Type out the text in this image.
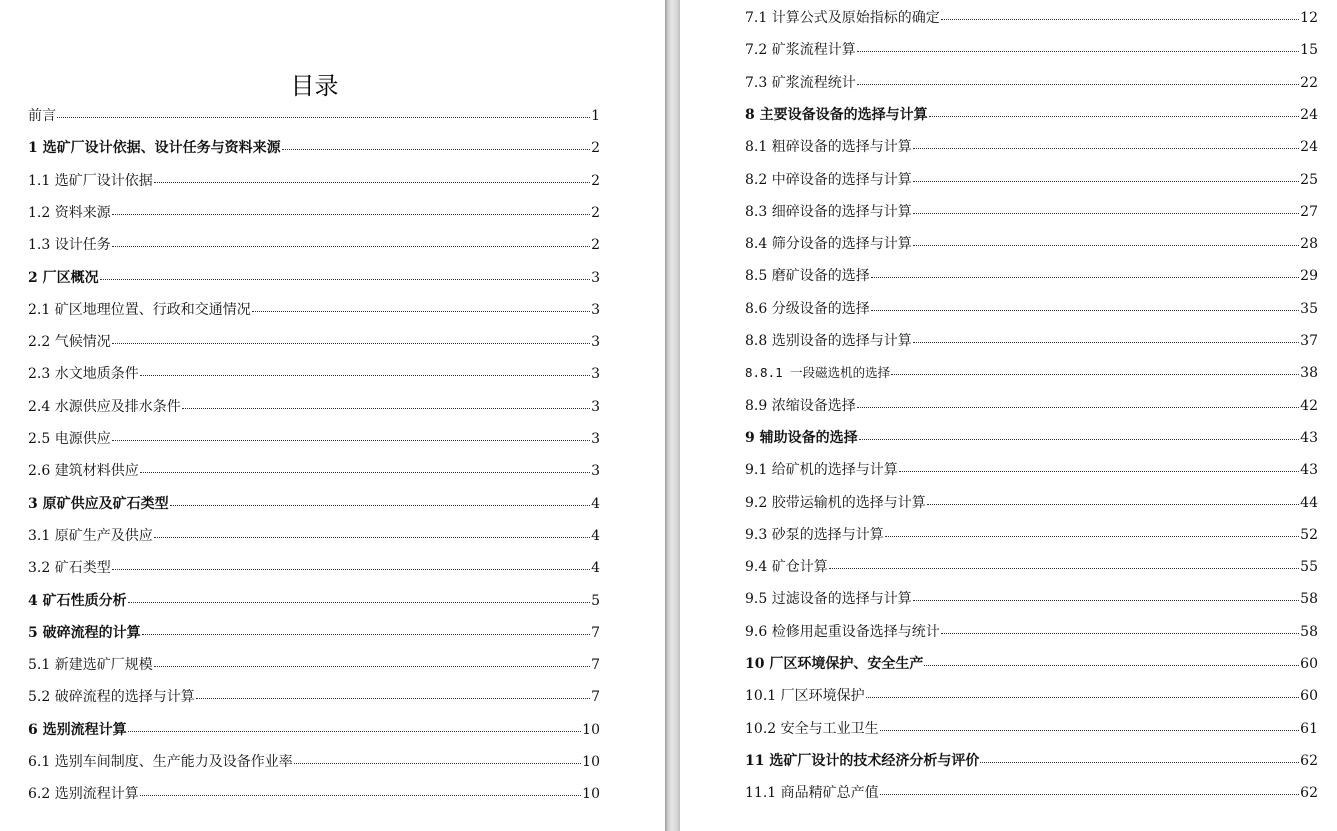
目录
前言	1
1 选矿厂设计依据、设计任务与资料来源	2
1.1 选矿厂设计依据	2
1.2 资料来源	2
1.3 设计任务	2
2 厂区概况	3
2.1 矿区地理位置、行政和交通情况	3
2.2 气候情况	3
2.3 水文地质条件	3
2.4 水源供应及排水条件	3
2.5 电源供应	3
2.6 建筑材料供应	3
3 原矿供应及矿石类型	4
3.1 原矿生产及供应	4
3.2 矿石类型	4
4 矿石性质分析	5
5 破碎流程的计算	7
5.1 新建选矿厂规模	7
5.2 破碎流程的选择与计算	7
6 选别流程计算	10
6.1 选别车间制度、生产能力及设备作业率	10
6.2 选别流程计算	10
7.1 计算公式及原始指标的确定	12
7.2 矿浆流程计算	15
7.3 矿浆流程统计	22
8 主要设备设备的选择与计算	24
8.1 粗碎设备的选择与计算	24
8.2 中碎设备的选择与计算	25
8.3 细碎设备的选择与计算	27
8.4 筛分设备的选择与计算	28
8.5 磨矿设备的选择	29
8.6 分级设备的选择	35
8.8 选别设备的选择与计算	37
8.8.1 一段磁选机的选择	38
8.9 浓缩设备选择	42
9 辅助设备的选择	43
9.1 给矿机的选择与计算	43
9.2 胶带运输机的选择与计算	44
9.3 砂泵的选择与计算	52
9.4 矿仓计算	55
9.5 过滤设备的选择与计算	58
9.6 检修用起重设备选择与统计	58
10 厂区环境保护、安全生产	60
10.1 厂区环境保护	60
10.2 安全与工业卫生	61
11 选矿厂设计的技术经济分析与评价	62
11.1 商品精矿总产值	62
